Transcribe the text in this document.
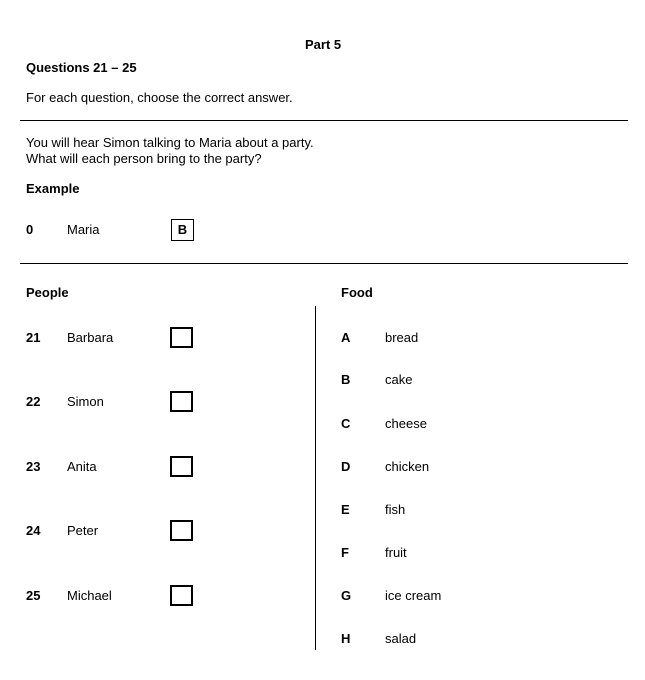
Part 5
Questions 21 – 25
For each question, choose the correct answer.
You will hear Simon talking to Maria about a party.
What will each person bring to the party?
Example
0	Maria	B
People	Food
21 Barbara
22 Simon
23 Anita
24 Peter
25 Michael
A	bread
B	cake
C	cheese
D	chicken
E	fish
F	fruit
G	ice cream
H	salad
